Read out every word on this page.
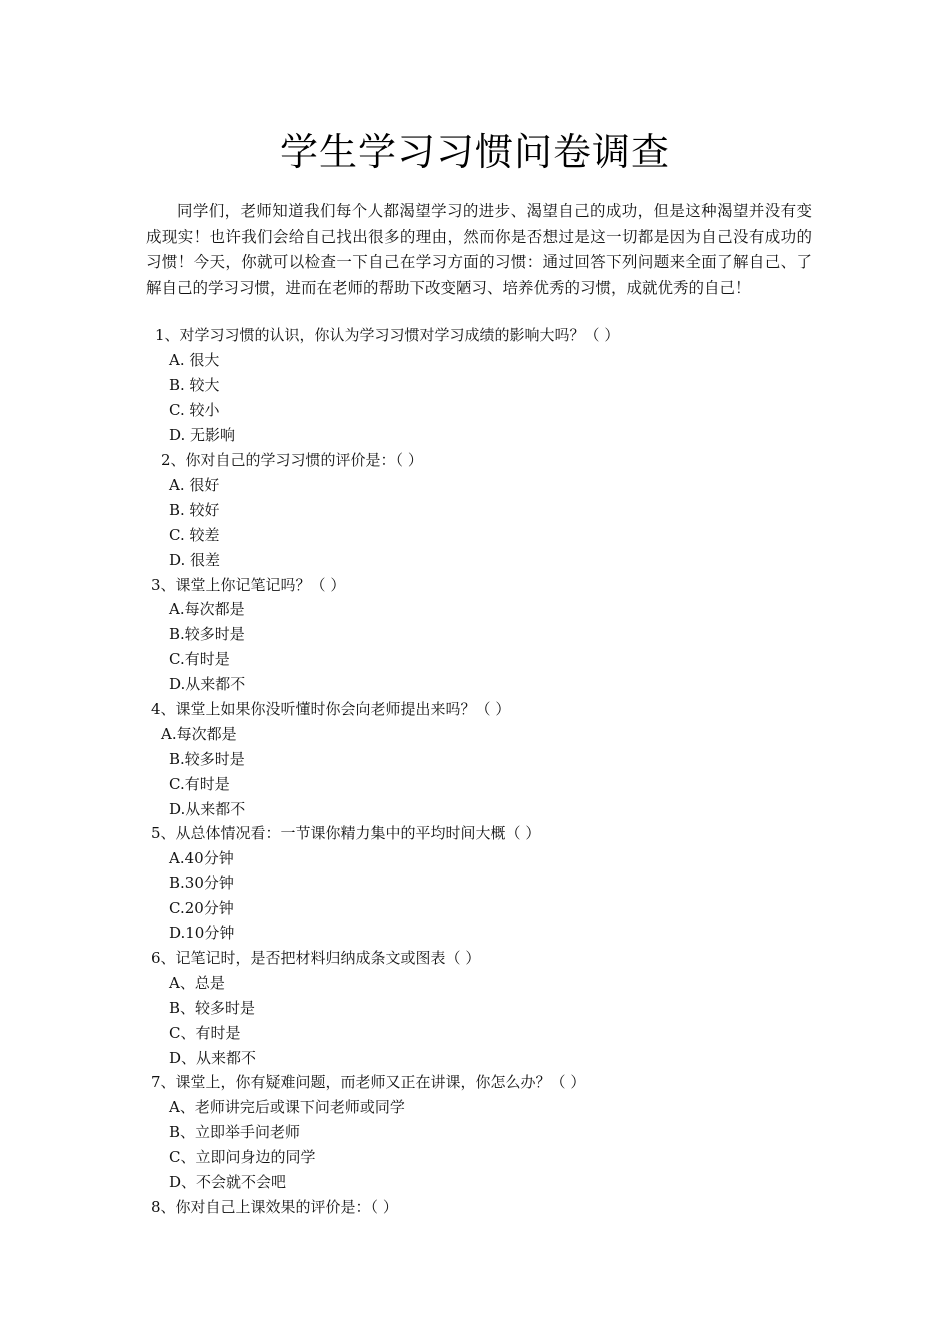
学生学习习惯问卷调查
同学们，老师知道我们每个人都渴望学习的进步、渴望自己的成功，但是这种渴望并没有变成现实！也许我们会给自己找出很多的理由，然而你是否想过是这一切都是因为自己没有成功的习惯！今天，你就可以检查一下自己在学习方面的习惯：通过回答下列问题来全面了解自己、了解自己的学习习惯，进而在老师的帮助下改变陋习、培养优秀的习惯，成就优秀的自己！
1、对学习习惯的认识，你认为学习习惯对学习成绩的影响大吗？（ ）
A. 很大
B. 较大
C. 较小
D. 无影响
2、你对自己的学习习惯的评价是：（ ）
A. 很好
B. 较好
C. 较差
D. 很差
3、课堂上你记笔记吗？（ ）
A.每次都是
B.较多时是
C.有时是
D.从来都不
4、课堂上如果你没听懂时你会向老师提出来吗？（ ）
A.每次都是
B.较多时是
C.有时是
D.从来都不
5、从总体情况看：一节课你精力集中的平均时间大概（ ）
A.40分钟
B.30分钟
C.20分钟
D.10分钟
6、记笔记时，是否把材料归纳成条文或图表（ ）
A、总是
B、较多时是
C、有时是
D、从来都不
7、课堂上，你有疑难问题，而老师又正在讲课，你怎么办？（ ）
A、老师讲完后或课下问老师或同学
B、立即举手问老师
C、立即问身边的同学
D、不会就不会吧
8、你对自己上课效果的评价是：（ ）
